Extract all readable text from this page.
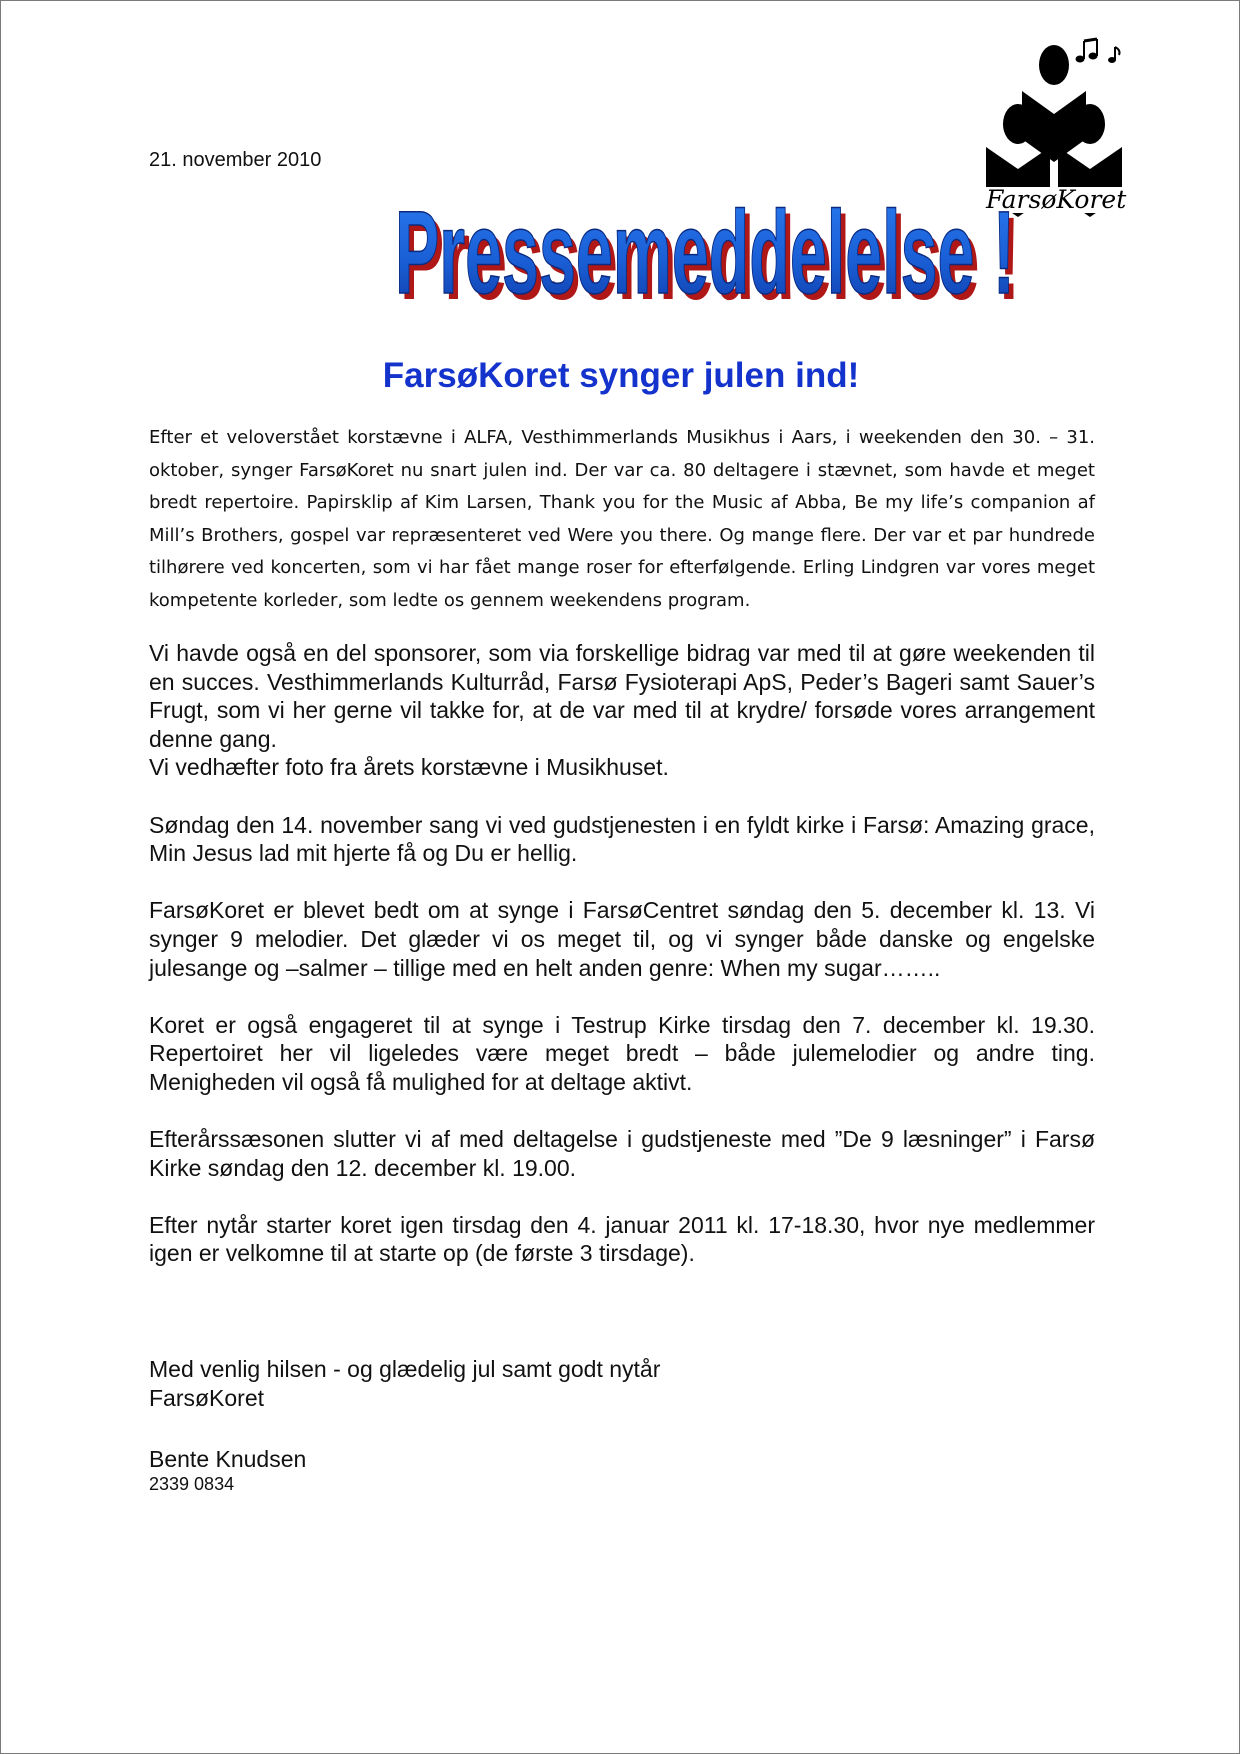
21. november 2010
FarsøKoret
Pressemeddelelse !
Pressemeddelelse !
FarsøKoret synger julen ind!
Efter et veloverstået korstævne i ALFA, Vesthimmerlands Musikhus i Aars, i weekenden den 30. – 31. oktober, synger FarsøKoret nu snart julen ind. Der var ca. 80 deltagere i stævnet, som havde et meget bredt repertoire. Papirsklip af Kim Larsen, Thank you for the Music af Abba, Be my life’s companion af Mill’s Brothers, gospel var repræsenteret ved Were you there. Og mange flere. Der var et par hundrede tilhørere ved koncerten, som vi har fået mange roser for efterfølgende. Erling Lindgren var vores meget kompetente korleder, som ledte os gennem weekendens program.

Vi havde også en del sponsorer, som via forskellige bidrag var med til at gøre weekenden til en succes. Vesthimmerlands Kulturråd, Farsø Fysioterapi ApS, Peder’s Bageri samt Sauer’s Frugt, som vi her gerne vil takke for, at de var med til at krydre/ forsøde vores arrangement denne gang.

Vi vedhæfter foto fra årets korstævne i Musikhuset.

Søndag den 14. november sang vi ved gudstjenesten i en fyldt kirke i Farsø: Amazing grace, Min Jesus lad mit hjerte få og Du er hellig.

FarsøKoret er blevet bedt om at synge i FarsøCentret søndag den 5. december kl. 13. Vi synger 9 melodier. Det glæder vi os meget til, og vi synger både danske og engelske julesange og –salmer – tillige med en helt anden genre: When my sugar……..

Koret er også engageret til at synge i Testrup Kirke tirsdag den 7. december kl. 19.30. Repertoiret her vil ligeledes være meget bredt – både julemelodier og andre ting. Menigheden vil også få mulighed for at deltage aktivt.

Efterårssæsonen slutter vi af med deltagelse i gudstjeneste med ”De 9 læsninger” i Farsø Kirke søndag den 12. december kl. 19.00.

Efter nytår starter koret igen tirsdag den 4. januar 2011 kl. 17-18.30, hvor nye medlemmer igen er velkomne til at starte op (de første 3 tirsdage).

Med venlig hilsen - og glædelig jul samt godt nytår
FarsøKoret
Bente Knudsen
2339 0834
